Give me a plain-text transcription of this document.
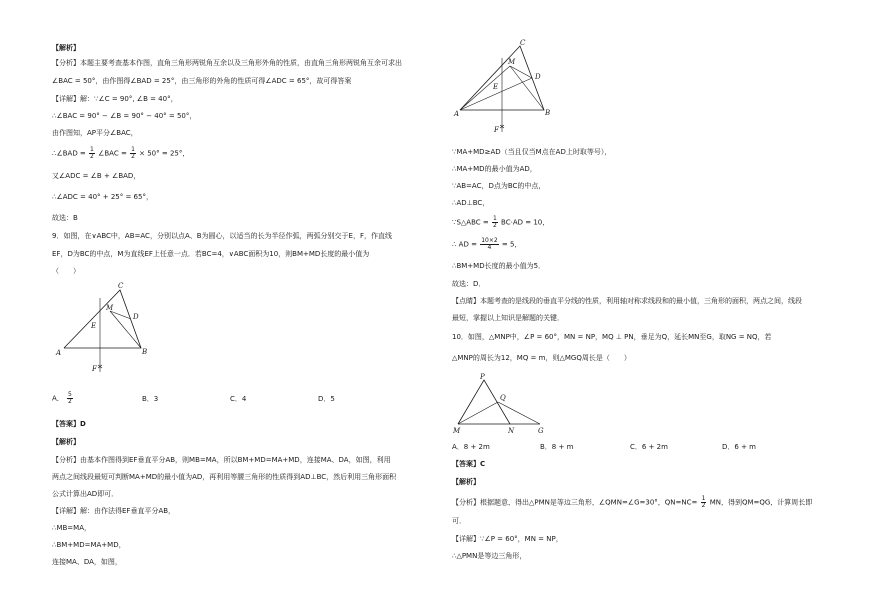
【解析】
【分析】本题主要考查基本作图，直角三角形两锐角互余以及三角形外角的性质，由直角三角形两锐角互余可求出
∠BAC = 50°，由作图得∠BAD = 25°，由三角形的外角的性质可得∠ADC = 65°，故可得答案
【详解】解：∵∠C = 90°, ∠B = 40°，
∴∠BAC = 90° − ∠B = 90° − 40° = 50°，
由作图知，AP平分∠BAC，
∴∠BAD = $\frac{1}{2}$ ∠BAC = $\frac{1}{2} \times 50^\circ = 25^\circ$，
又∠ADC = ∠B + ∠BAD，
∴∠ADC = 40° + 25° = 65°，
故选：B
9．如图，在∨ABC中，AB=AC，分别以点A、B为圆心，以适当的长为半径作弧，两弧分别交于E，F，作直线
EF，D为BC的中点，M为直线EF上任意一点．若BC=4，∨ABC面积为10，则BM+MD长度的最小值为
（　　）
A	B
C
D
E
F
M
A． $\frac{5}{2}$	B．3	C．4	D．5
【答案】D
【解析】
【分析】由基本作图得到EF垂直平分AB，则MB=MA，所以BM+MD=MA+MD，连接MA、DA，如图，利用
两点之间线段最短可判断MA+MD的最小值为AD，再利用等腰三角形的性质得到AD⊥BC，然后利用三角形面积
公式计算出AD即可．
【详解】解：由作法得EF垂直平分AB，
∴MB=MA，
∴BM+MD=MA+MD，
连接MA、DA，如图，
A	B
C
D
E
F
M
∵MA+MD≥AD（当且仅当M点在AD上时取等号），
∴MA+MD的最小值为AD，
∵AB=AC，D点为BC的中点，
∴AD⊥BC，
∵S△ABC = $\frac{1}{2} BC\cdot AD = 10$，
∴ AD = $\frac{10\times 2}{4} = 5$，
∴BM+MD长度的最小值为5．
故选：D．
【点睛】本题考查的是线段的垂直平分线的性质，利用轴对称求线段和的最小值，三角形的面积，两点之间，线段
最短，掌握以上知识是解题的关键．
10．如图，△MNP中，∠P = 60°，MN = NP，MQ ⊥ PN，垂足为Q，延长MN至G，取NG = NQ，若
△MNP的周长为12，MQ = m，则△MGQ周长是（　　）
P
Q
M	N	G
A．8 + 2m	B．8 + m	C．6 + 2m	D．6 + m
【答案】C
【解析】
【分析】根据题意，得出△PMN是等边三角形，∠QMN=∠G=30°，$QN=NC= \frac{1}{2}$ MN，得到QM=QG，计算周长即
可．
【详解】∵∠P = 60°，MN = NP，
∴△PMN是等边三角形，
